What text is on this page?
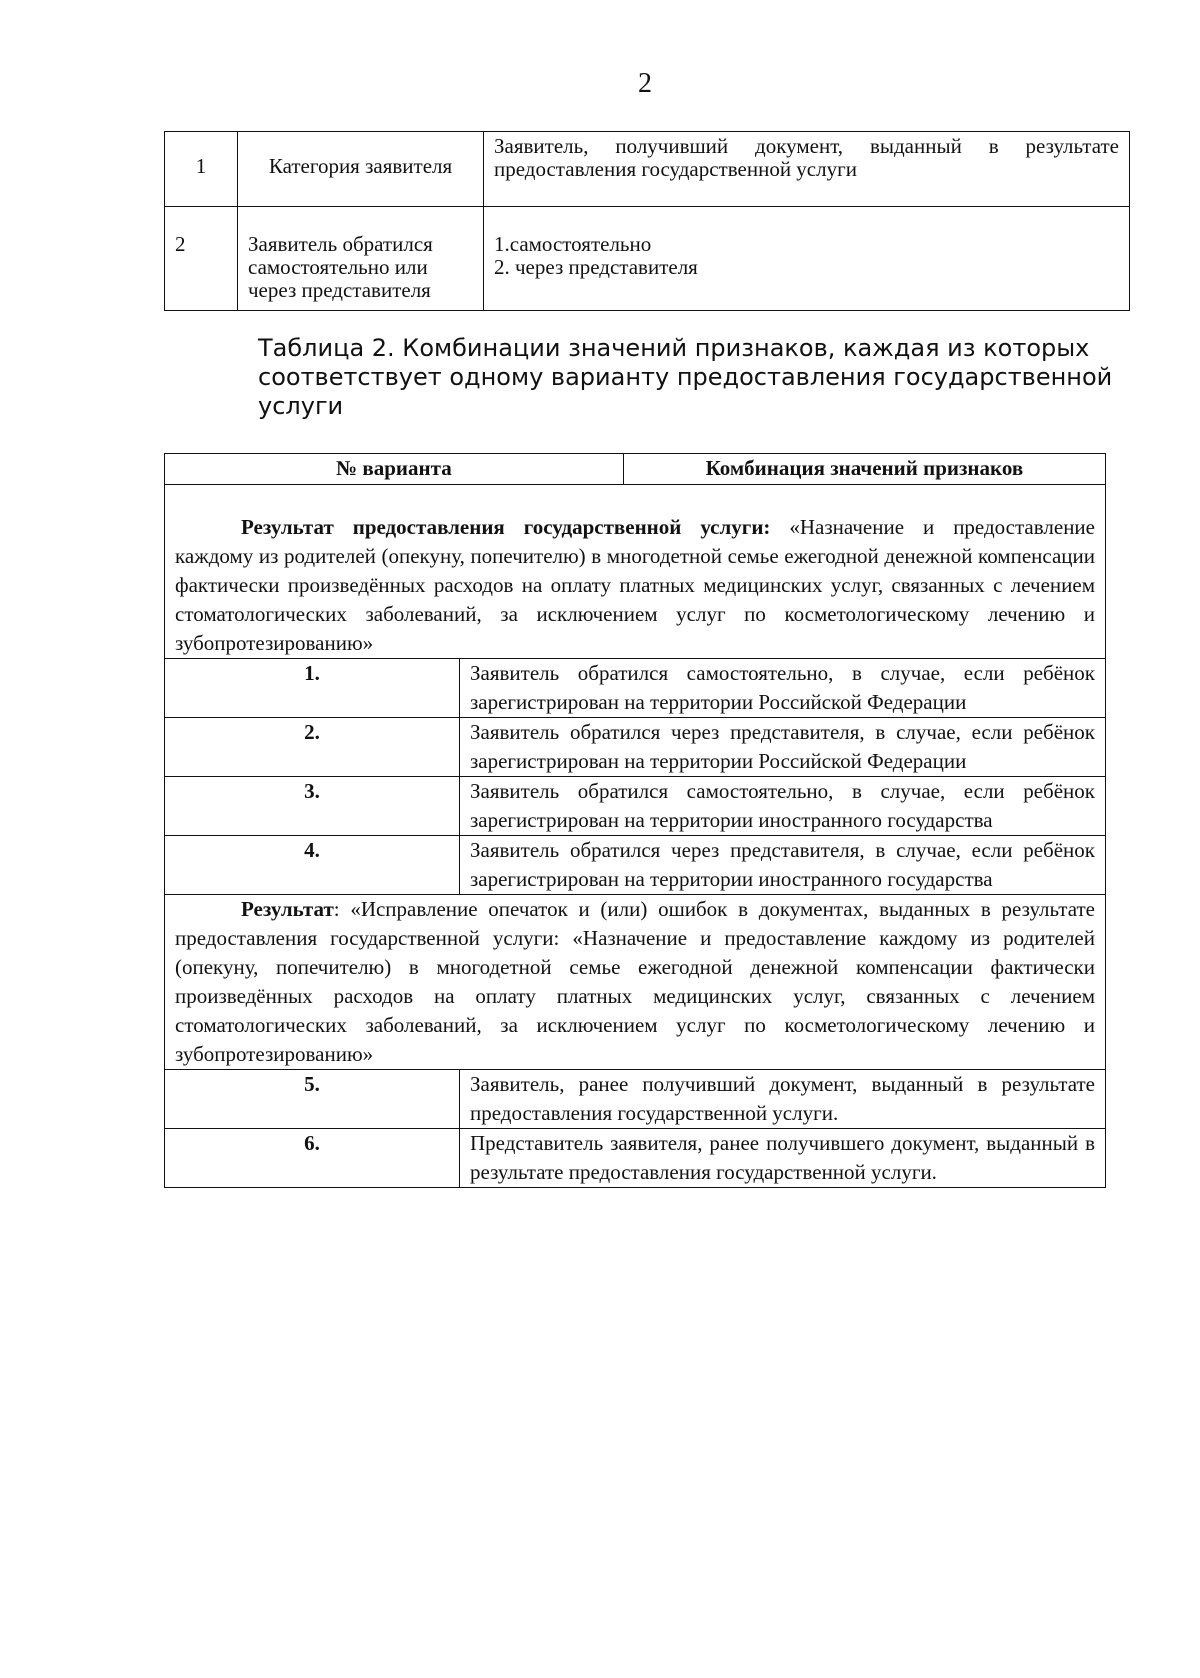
2
1	Категория заявителя	Заявитель, получивший документ, выданный в результате предоставления государственной услуги
2	Заявитель обратился
самостоятельно или
через представителя	1.самостоятельно
2. через представителя
Таблица 2. Комбинации значений признаков, каждая из которых соответствует одному варианту предоставления государственной услуги
№ варианта		Комбинация значений признаков
Результат предоставления государственной услуги: «Назначение и предоставление каждому из родителей (опекуну, попечителю) в многодетной семье ежегодной денежной компенсации фактически произведённых расходов на оплату платных медицинских услуг, связанных с лечением стоматологических заболеваний, за исключением услуг по косметологическому лечению и зубопротезированию»		
1.	Заявитель обратился самостоятельно, в случае, если ребёнок зарегистрирован на территории Российской Федерации	
2.	Заявитель обратился через представителя, в случае, если ребёнок зарегистрирован на территории Российской Федерации	
3.	Заявитель обратился самостоятельно, в случае, если ребёнок зарегистрирован на территории иностранного государства	
4.	Заявитель обратился через представителя, в случае, если ребёнок зарегистрирован на территории иностранного государства	
Результат: «Исправление опечаток и (или) ошибок в документах, выданных в результате предоставления государственной услуги: «Назначение и предоставление каждому из родителей (опекуну, попечителю) в многодетной семье ежегодной денежной компенсации фактически произведённых расходов на оплату платных медицинских услуг, связанных с лечением стоматологических заболеваний, за исключением услуг по косметологическому лечению и зубопротезированию»		
5.	Заявитель, ранее получивший документ, выданный в результате предоставления государственной услуги.	
6.	Представитель заявителя, ранее получившего документ, выданный в результате предоставления государственной услуги.	
